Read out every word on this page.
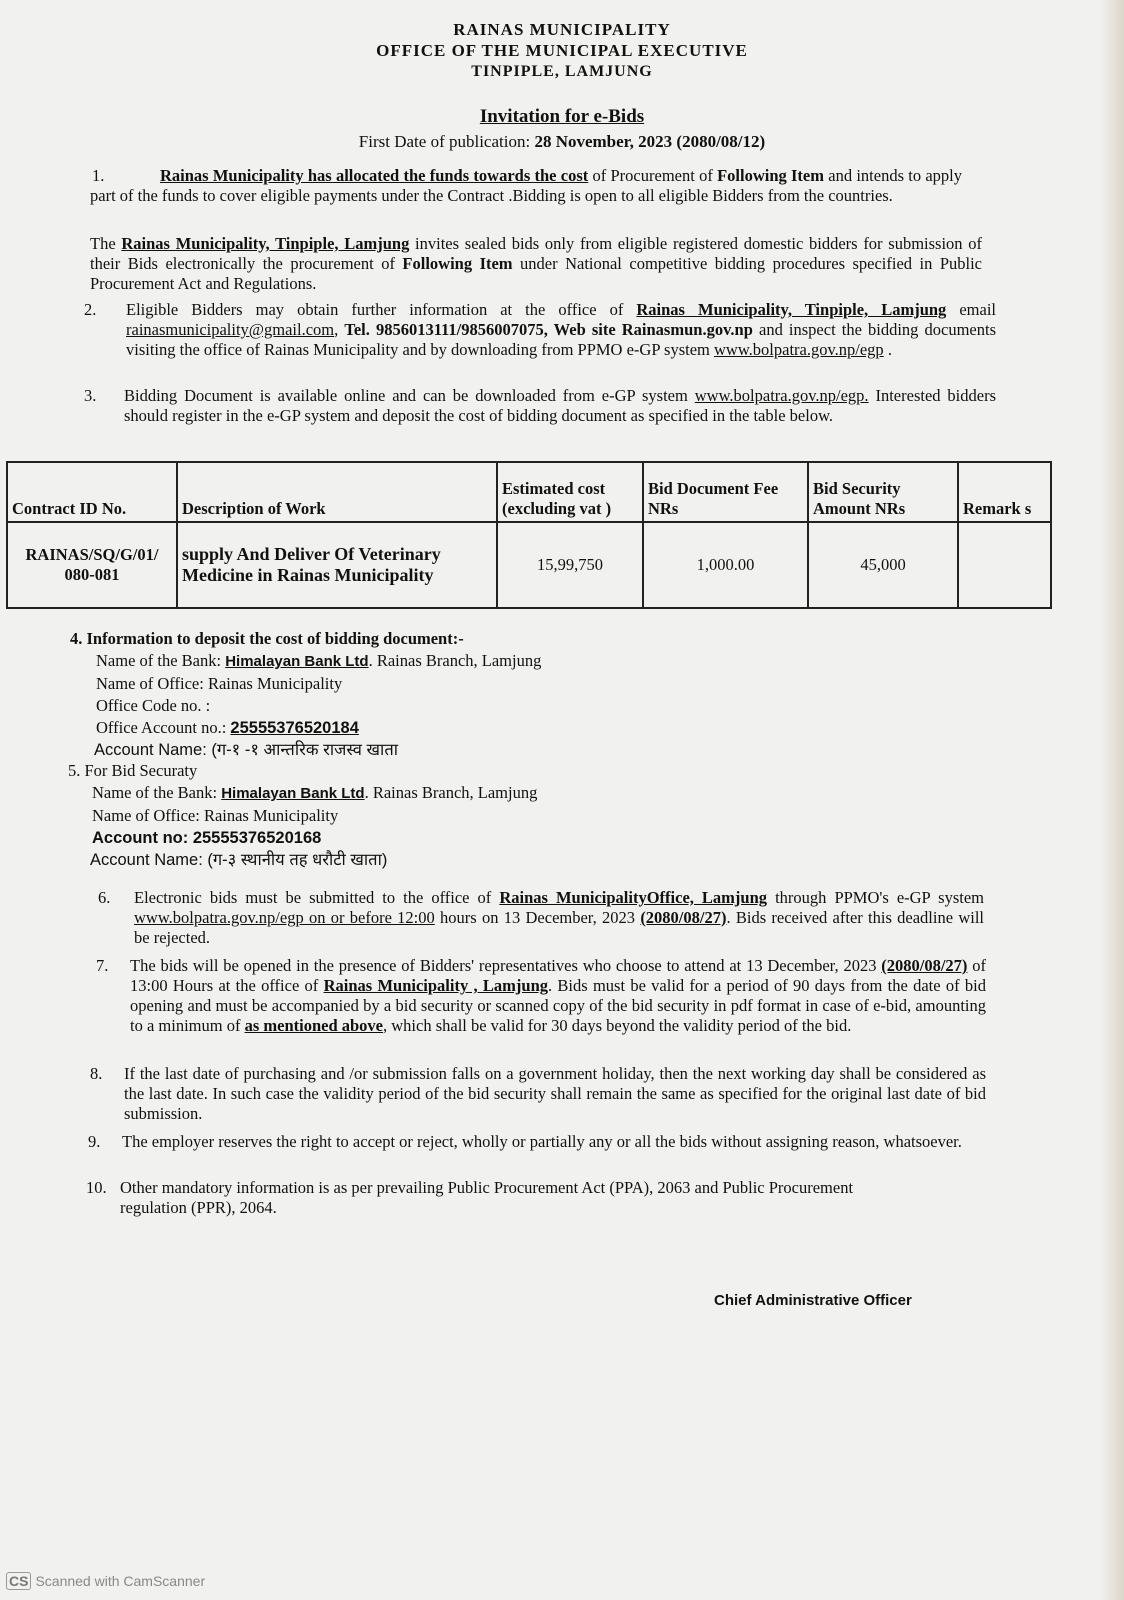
RAINAS MUNICIPALITY
OFFICE OF THE MUNICIPAL EXECUTIVE
TINPIPLE, LAMJUNG
Invitation for e-Bids
First Date of publication: 28 November, 2023 (2080/08/12)
1.	Rainas Municipality has allocated the funds towards the cost of Procurement of Following Item and intends to apply part of the funds to cover eligible payments under the Contract .Bidding is open to all eligible Bidders from the countries.
The Rainas Municipality, Tinpiple, Lamjung invites sealed bids only from eligible registered domestic bidders for submission of their Bids electronically the procurement of Following Item under National competitive bidding procedures specified in Public Procurement Act and Regulations.
2. Eligible Bidders may obtain further information at the office of Rainas Municipality, Tinpiple, Lamjung email rainasmunicipality@gmail.com, Tel. 9856013111/9856007075, Web site Rainasmun.gov.np and inspect the bidding documents visiting the office of Rainas Municipality and by downloading from PPMO e-GP system www.bolpatra.gov.np/egp .
3. Bidding Document is available online and can be downloaded from e-GP system www.bolpatra.gov.np/egp. Interested bidders should register in the e-GP system and deposit the cost of bidding document as specified in the table below.
Contract ID No.	Description of Work	Estimated cost (excluding vat )	Bid Document Fee NRs	Bid Security Amount NRs	Remark s
RAINAS/SQ/G/01/ 080-081	supply And Deliver Of Veterinary Medicine in Rainas Municipality	15,99,750	1,000.00	45,000	
4. Information to deposit the cost of bidding document:-
Name of the Bank: Himalayan Bank Ltd. Rainas Branch, Lamjung
Name of Office: Rainas Municipality
Office Code no. :
Office Account no.: 25555376520184
Account Name: (ग-१ -१ आन्तरिक राजस्व खाता
5. For Bid Securaty
Name of the Bank: Himalayan Bank Ltd. Rainas Branch, Lamjung
Name of Office: Rainas Municipality
Account no: 25555376520168
Account Name: (ग-३ स्थानीय तह धरौटी खाता)
6. Electronic bids must be submitted to the office of Rainas MunicipalityOffice, Lamjung through PPMO's e-GP system www.bolpatra.gov.np/egp on or before 12:00 hours on 13 December, 2023 (2080/08/27). Bids received after this deadline will be rejected.
7. The bids will be opened in the presence of Bidders' representatives who choose to attend at 13 December, 2023 (2080/08/27) of 13:00 Hours at the office of Rainas Municipality , Lamjung. Bids must be valid for a period of 90 days from the date of bid opening and must be accompanied by a bid security or scanned copy of the bid security in pdf format in case of e-bid, amounting to a minimum of as mentioned above, which shall be valid for 30 days beyond the validity period of the bid.
8. If the last date of purchasing and /or submission falls on a government holiday, then the next working day shall be considered as the last date. In such case the validity period of the bid security shall remain the same as specified for the original last date of bid submission.
9. The employer reserves the right to accept or reject, wholly or partially any or all the bids without assigning reason, whatsoever.
10. Other mandatory information is as per prevailing Public Procurement Act (PPA), 2063 and Public Procurement regulation (PPR), 2064.
Chief Administrative Officer
CS Scanned with CamScanner
